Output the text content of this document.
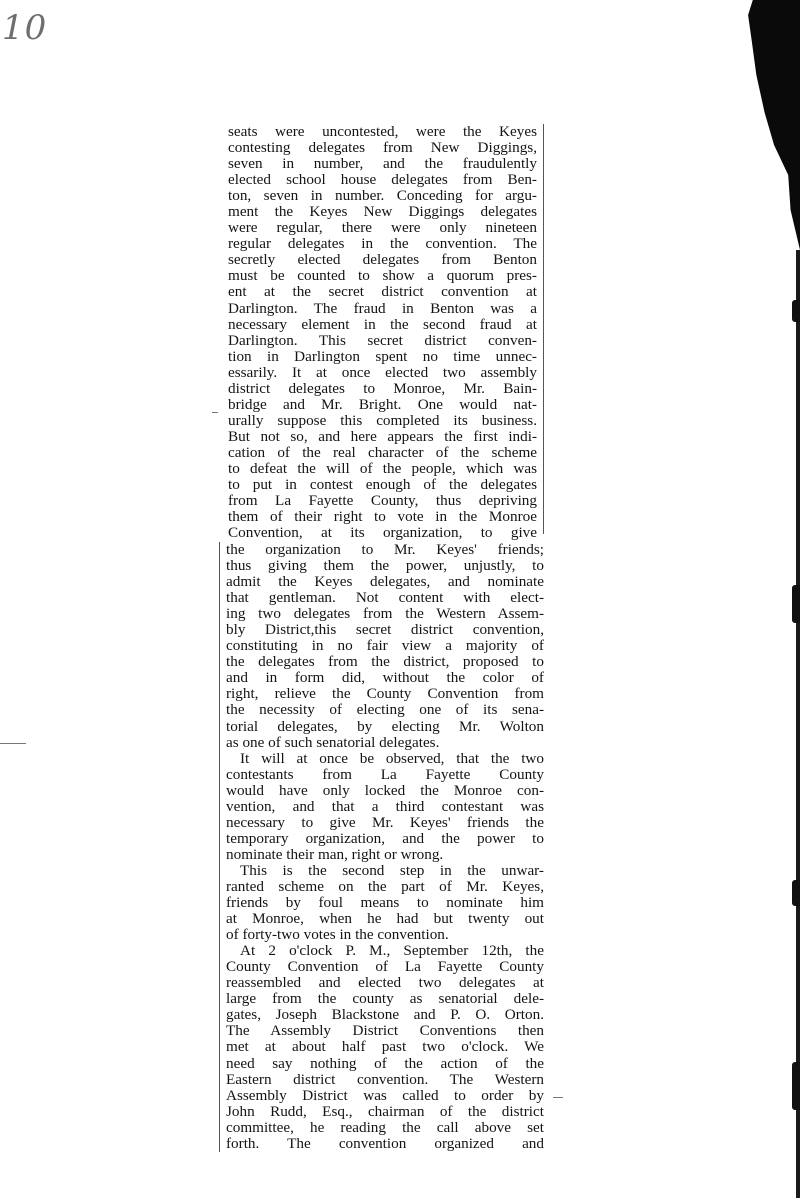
10
seats were uncontested, were the Keyes
contesting delegates from New Diggings,
seven in number, and the fraudulently
elected school house delegates from Ben-
ton, seven in number. Conceding for argu-
ment the Keyes New Diggings delegates
were regular, there were only nineteen
regular delegates in the convention. The
secretly elected delegates from Benton
must be counted to show a quorum pres-
ent at the secret district convention at
Darlington. The fraud in Benton was a
necessary element in the second fraud at
Darlington. This secret district conven-
tion in Darlington spent no time unnec-
essarily. It at once elected two assembly
district delegates to Monroe, Mr. Bain-
bridge and Mr. Bright. One would nat-
urally suppose this completed its business.
But not so, and here appears the first indi-
cation of the real character of the scheme
to defeat the will of the people, which was
to put in contest enough of the delegates
from La Fayette County, thus depriving
them of their right to vote in the Monroe
Convention, at its organization, to give
the organization to Mr. Keyes' friends;
thus giving them the power, unjustly, to
admit the Keyes delegates, and nominate
that gentleman. Not content with elect-
ing two delegates from the Western Assem-
bly District,this secret district convention,
constituting in no fair view a majority of
the delegates from the district, proposed to
and in form did, without the color of
right, relieve the County Convention from
the necessity of electing one of its sena-
torial delegates, by electing Mr. Wolton
as one of such senatorial delegates.
It will at once be observed, that the two
contestants from La Fayette County
would have only locked the Monroe con-
vention, and that a third contestant was
necessary to give Mr. Keyes' friends the
temporary organization, and the power to
nominate their man, right or wrong.
This is the second step in the unwar-
ranted scheme on the part of Mr. Keyes,
friends by foul means to nominate him
at Monroe, when he had but twenty out
of forty-two votes in the convention.
At 2 o'clock P. M., September 12th, the
County Convention of La Fayette County
reassembled and elected two delegates at
large from the county as senatorial dele-
gates, Joseph Blackstone and P. O. Orton.
The Assembly District Conventions then
met at about half past two o'clock. We
need say nothing of the action of the
Eastern district convention. The Western
Assembly District was called to order by
John Rudd, Esq., chairman of the district
committee, he reading the call above set
forth. The convention organized and
